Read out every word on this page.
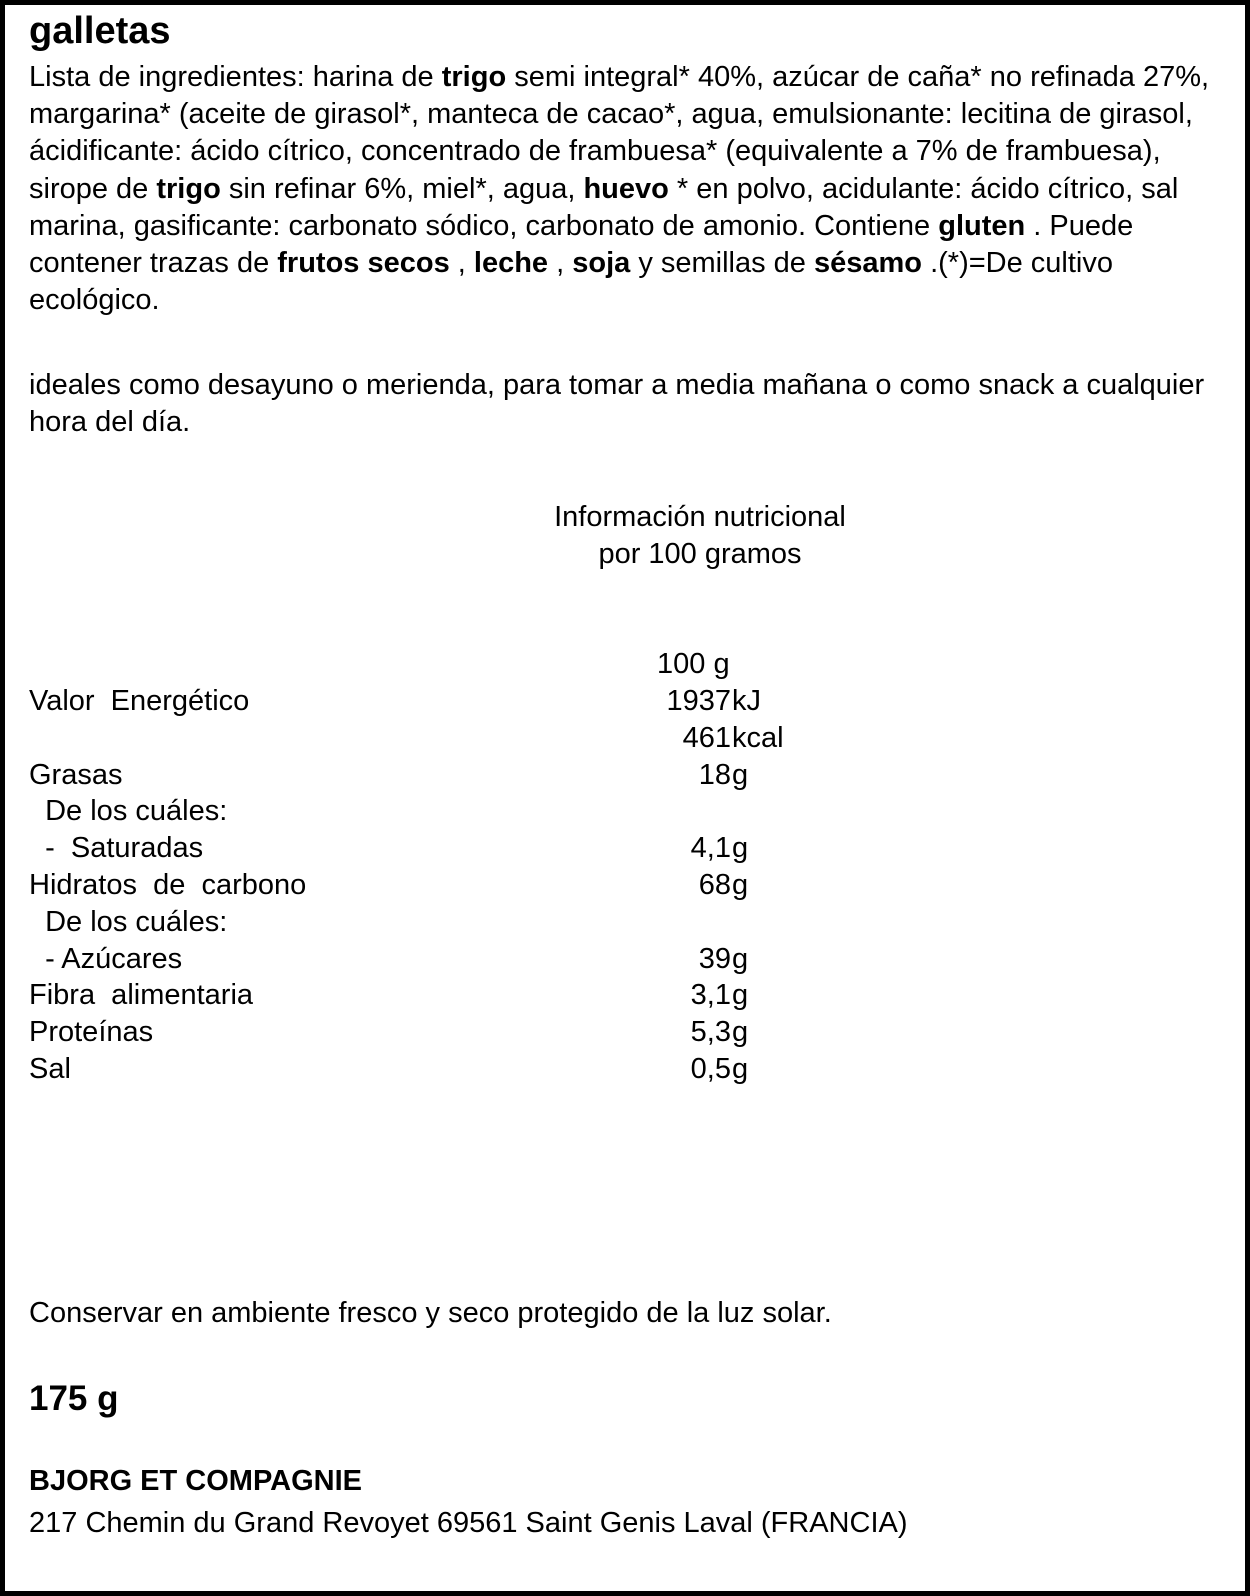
galletas
Lista de ingredientes: harina de trigo semi integral* 40%, azúcar de caña* no refinada 27%, margarina* (aceite de girasol*, manteca de cacao*, agua, emulsionante: lecitina de girasol, ácidificante: ácido cítrico, concentrado de frambuesa* (equivalente a 7% de frambuesa), sirope de trigo sin refinar 6%, miel*, agua, huevo * en polvo, acidulante: ácido cítrico, sal marina, gasificante: carbonato sódico, carbonato de amonio. Contiene gluten . Puede contener trazas de frutos secos , leche , soja y semillas de sésamo .(*)=De cultivo ecológico.
ideales como desayuno o merienda, para tomar a media mañana o como snack a cualquier hora del día.
Información nutricional
por 100 gramos
100 g
Valor  Energético	1937 kJ
461 kcal
Grasas	18 g
De los cuáles:
-  Saturadas	4,1 g
Hidratos  de  carbono	68 g
De los cuáles:
- Azúcares	39 g
Fibra  alimentaria	3,1 g
Proteínas	5,3 g
Sal	0,5 g
Conservar en ambiente fresco y seco protegido de la luz solar.
175 g
BJORG ET COMPAGNIE
217 Chemin du Grand Revoyet 69561 Saint Genis Laval (FRANCIA)
